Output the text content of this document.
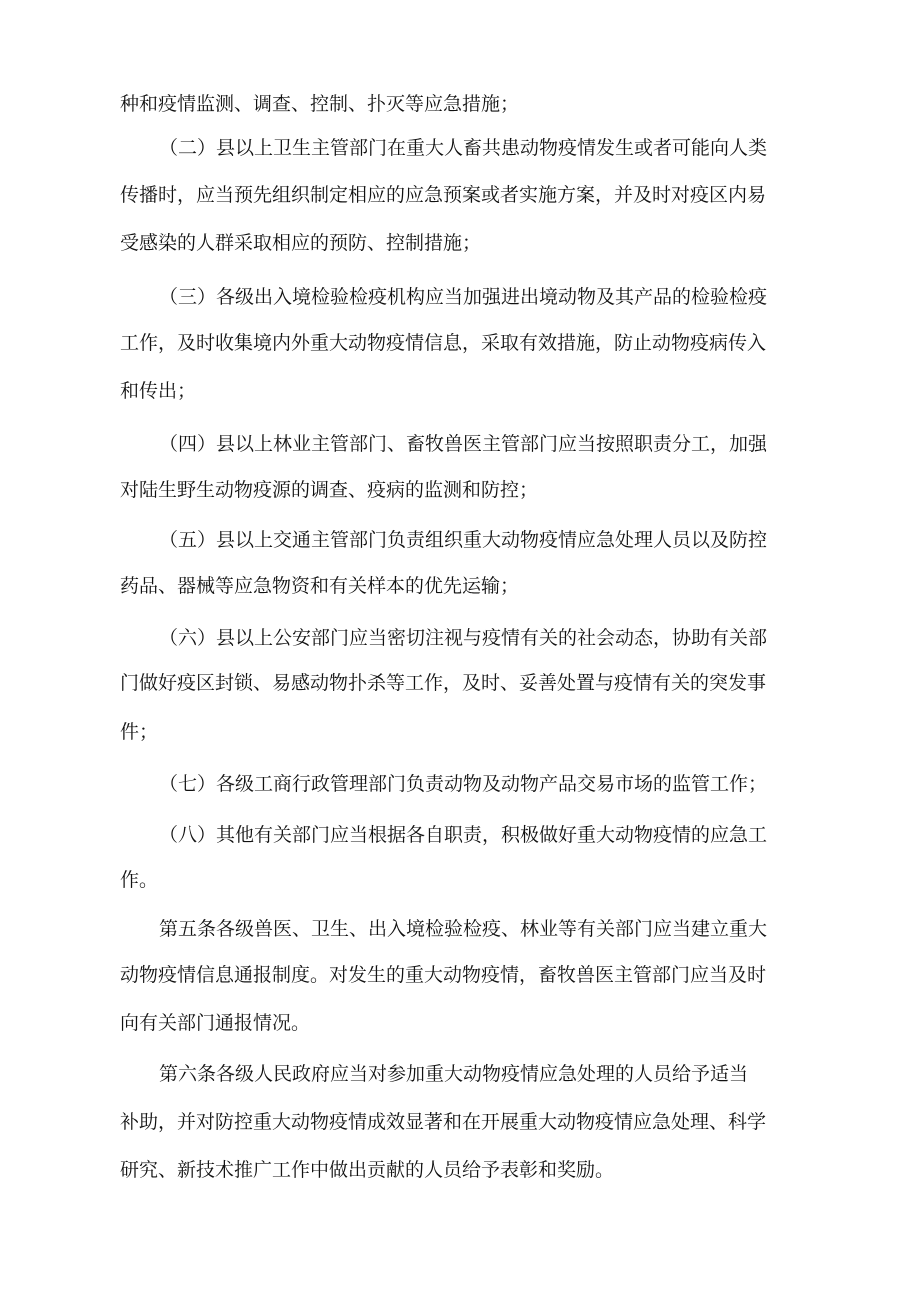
种和疫情监测、调查、控制、扑灭等应急措施；
（二）县以上卫生主管部门在重大人畜共患动物疫情发生或者可能向人类
传播时，应当预先组织制定相应的应急预案或者实施方案，并及时对疫区内易
受感染的人群采取相应的预防、控制措施；
（三）各级出入境检验检疫机构应当加强进出境动物及其产品的检验检疫
工作，及时收集境内外重大动物疫情信息，采取有效措施，防止动物疫病传入
和传出；
（四）县以上林业主管部门、畜牧兽医主管部门应当按照职责分工，加强
对陆生野生动物疫源的调查、疫病的监测和防控；
（五）县以上交通主管部门负责组织重大动物疫情应急处理人员以及防控
药品、器械等应急物资和有关样本的优先运输；
（六）县以上公安部门应当密切注视与疫情有关的社会动态，协助有关部
门做好疫区封锁、易感动物扑杀等工作，及时、妥善处置与疫情有关的突发事
件；
（七）各级工商行政管理部门负责动物及动物产品交易市场的监管工作；
（八）其他有关部门应当根据各自职责，积极做好重大动物疫情的应急工
作。
第五条各级兽医、卫生、出入境检验检疫、林业等有关部门应当建立重大
动物疫情信息通报制度。对发生的重大动物疫情，畜牧兽医主管部门应当及时
向有关部门通报情况。
第六条各级人民政府应当对参加重大动物疫情应急处理的人员给予适当
补助，并对防控重大动物疫情成效显著和在开展重大动物疫情应急处理、科学
研究、新技术推广工作中做出贡献的人员给予表彰和奖励。
